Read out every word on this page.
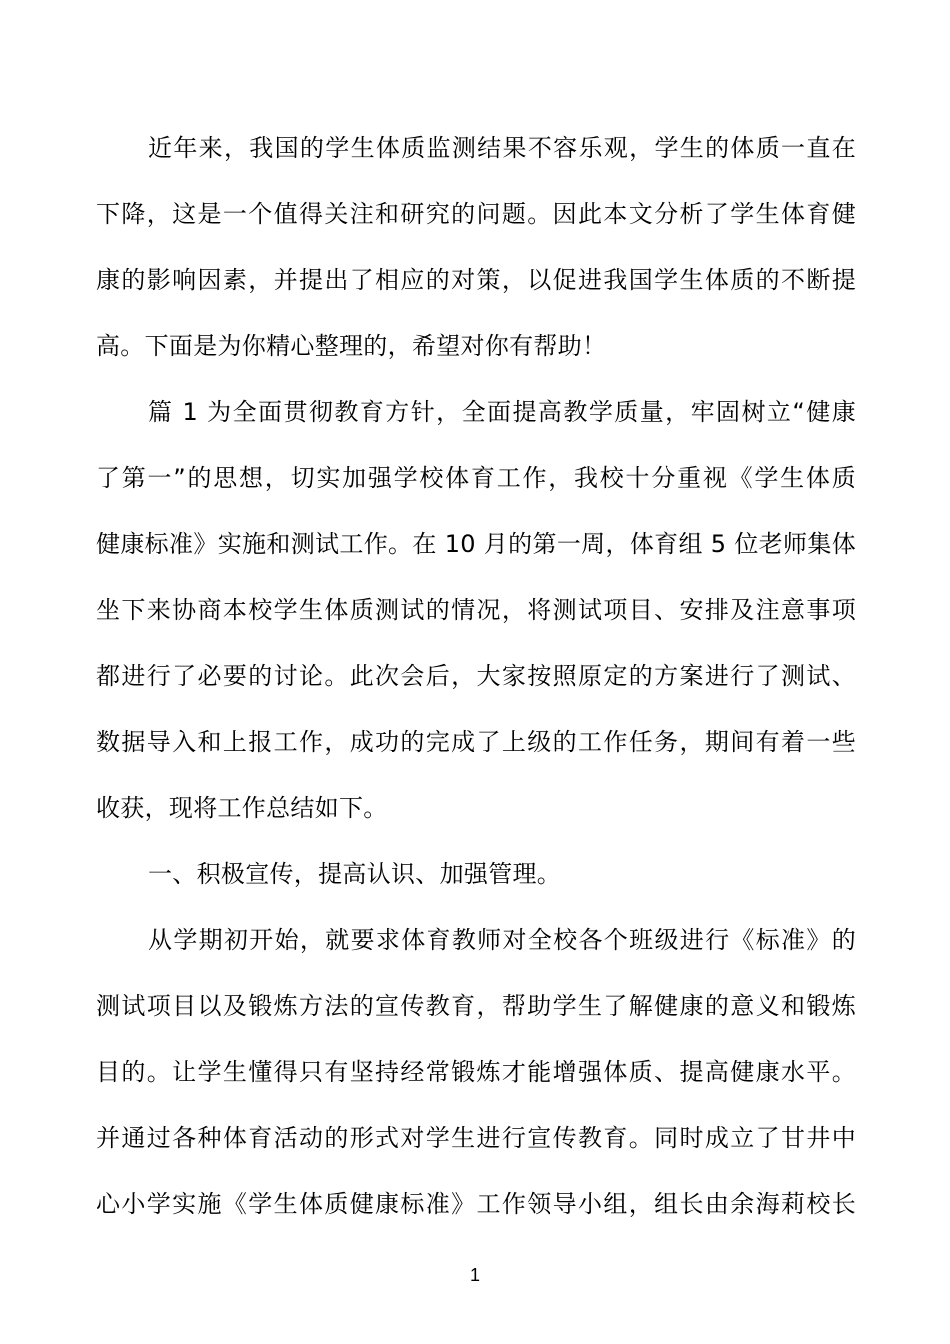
近年来，我国的学生体质监测结果不容乐观，学生的体质一直在
下降，这是一个值得关注和研究的问题。因此本文分析了学生体育健
康的影响因素，并提出了相应的对策，以促进我国学生体质的不断提
高。下面是为你精心整理的，希望对你有帮助！
篇 1 为全面贯彻教育方针，全面提高教学质量，牢固树立“健康
了第一”的思想，切实加强学校体育工作，我校十分重视《学生体质
健康标准》实施和测试工作。在 10 月的第一周，体育组 5 位老师集体
坐下来协商本校学生体质测试的情况，将测试项目、安排及注意事项
都进行了必要的讨论。此次会后，大家按照原定的方案进行了测试、
数据导入和上报工作，成功的完成了上级的工作任务，期间有着一些
收获，现将工作总结如下。
一、积极宣传，提高认识、加强管理。
从学期初开始，就要求体育教师对全校各个班级进行《标准》的
测试项目以及锻炼方法的宣传教育，帮助学生了解健康的意义和锻炼
目的。让学生懂得只有坚持经常锻炼才能增强体质、提高健康水平。
并通过各种体育活动的形式对学生进行宣传教育。同时成立了甘井中
心小学实施《学生体质健康标准》工作领导小组，组长由余海莉校长
1
